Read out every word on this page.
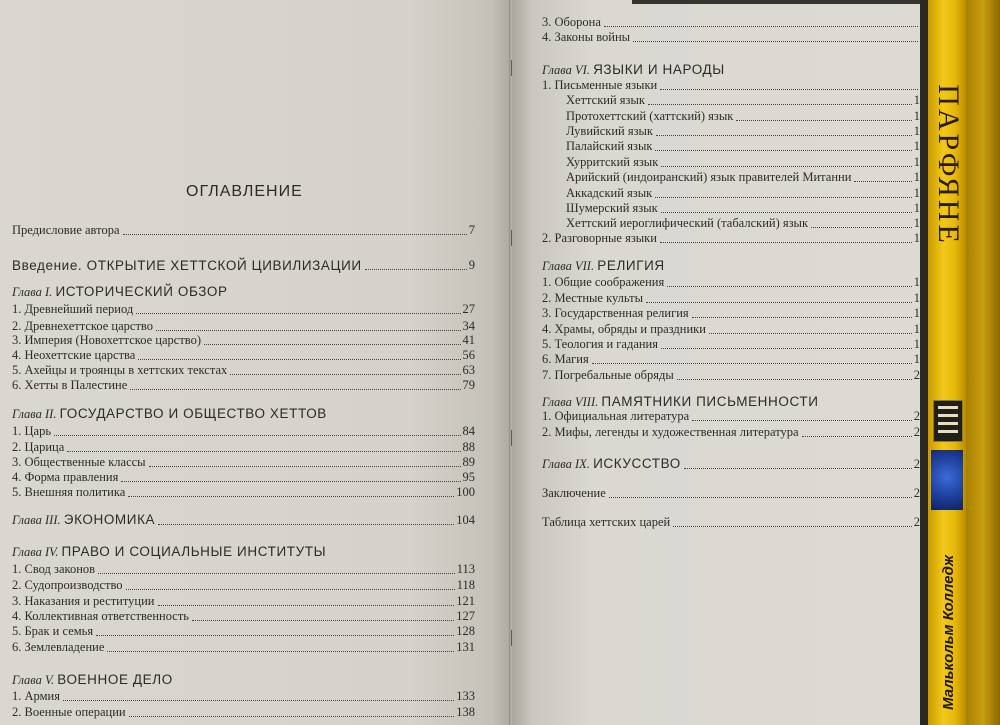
ОГЛАВЛЕНИЕ
Предисловие автора	7
Введение. ОТКРЫТИЕ ХЕТТСКОЙ ЦИВИЛИЗАЦИИ	9
Глава I. ИСТОРИЧЕСКИЙ ОБЗОР
1. Древнейший период	27
2. Древнехеттское царство	34
3. Империя (Новохеттское царство)	41
4. Неохеттские царства	56
5. Ахейцы и троянцы в хеттских текстах	63
6. Хетты в Палестине	79
Глава II. ГОСУДАРСТВО И ОБЩЕСТВО ХЕТТОВ
1. Царь	84
2. Царица	88
3. Общественные классы	89
4. Форма правления	95
5. Внешняя политика	100
Глава III. ЭКОНОМИКА	104
Глава IV. ПРАВО И СОЦИАЛЬНЫЕ ИНСТИТУТЫ
1. Свод законов	113
2. Судопроизводство	118
3. Наказания и реституции	121
4. Коллективная ответственность	127
5. Брак и семья	128
6. Землевладение	131
Глава V. ВОЕННОЕ ДЕЛО
1. Армия	133
2. Военные операции	138
3. Оборона
4. Законы войны
Глава VI. ЯЗЫКИ И НАРОДЫ
1. Письменные языки
Хеттский язык	1
Протохеттский (хаттский) язык	1
Лувийский язык	1
Палайский язык	1
Хурритский язык	1
Арийский (индоиранский) язык правителей Митанни	1
Аккадский язык	1
Шумерский язык	1
Хеттский иероглифический (табалский) язык	1
2. Разговорные языки	1
Глава VII. РЕЛИГИЯ
1. Общие соображения	1
2. Местные культы	1
3. Государственная религия	1
4. Храмы, обряды и праздники	1
5. Теология и гадания	1
6. Магия	1
7. Погребальные обряды	2
Глава VIII. ПАМЯТНИКИ ПИСЬМЕННОСТИ
1. Официальная литература	2
2. Мифы, легенды и художественная литература	2
Глава IX. ИСКУССТВО	2
Заключение	2
Таблица хеттских царей	2
ПАРФЯНЕ
Малькольм Колледж
